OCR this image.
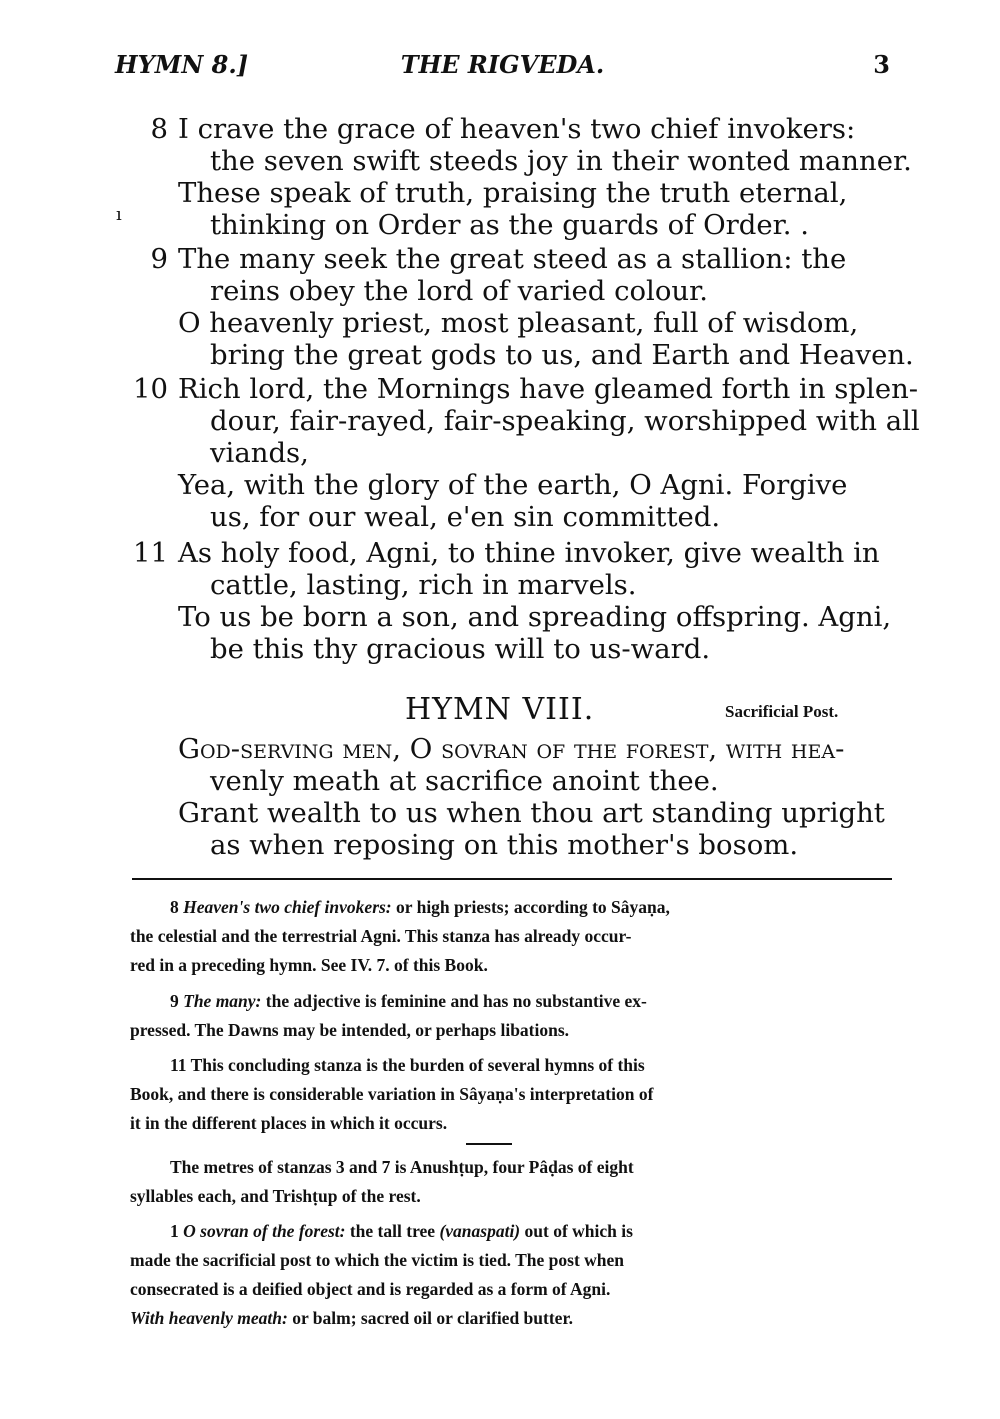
HYMN 8.]	THE RIGVEDA.	3
ı
8 I crave the grace of heaven's two chief invokers:
the seven swift steeds joy in their wonted manner.
These speak of truth, praising the truth eternal,
thinking on Order as the guards of Order. .
9 The many seek the great steed as a stallion: the
reins obey the lord of varied colour.
O heavenly priest, most pleasant, full of wisdom,
bring the great gods to us, and Earth and Heaven.
10 Rich lord, the Mornings have gleamed forth in splen-
dour, fair-rayed, fair-speaking, worshipped with all
viands,
Yea, with the glory of the earth, O Agni. Forgive
us, for our weal, e'en sin committed.
11 As holy food, Agni, to thine invoker, give wealth in
cattle, lasting, rich in marvels.
To us be born a son, and spreading offspring. Agni,
be this thy gracious will to us-ward.
HYMN VIII.	Sacrificial Post.
God-serving men, O sovran of the forest, with hea-
venly meath at sacrifice anoint thee.
Grant wealth to us when thou art standing upright
as when reposing on this mother's bosom.
8 Heaven's two chief invokers: or high priests; according to Sâyaṇa,
the celestial and the terrestrial Agni. This stanza has already occur-
red in a preceding hymn. See IV. 7. of this Book.
9 The many: the adjective is feminine and has no substantive ex-
pressed. The Dawns may be intended, or perhaps libations.
11 This concluding stanza is the burden of several hymns of this
Book, and there is considerable variation in Sâyaṇa's interpretation of
it in the different places in which it occurs.
The metres of stanzas 3 and 7 is Anushṭup, four Pâḍas of eight
syllables each, and Trishṭup of the rest.
1 O sovran of the forest: the tall tree (vanaspati) out of which is
made the sacrificial post to which the victim is tied. The post when
consecrated is a deified object and is regarded as a form of Agni.
With heavenly meath: or balm; sacred oil or clarified butter.
